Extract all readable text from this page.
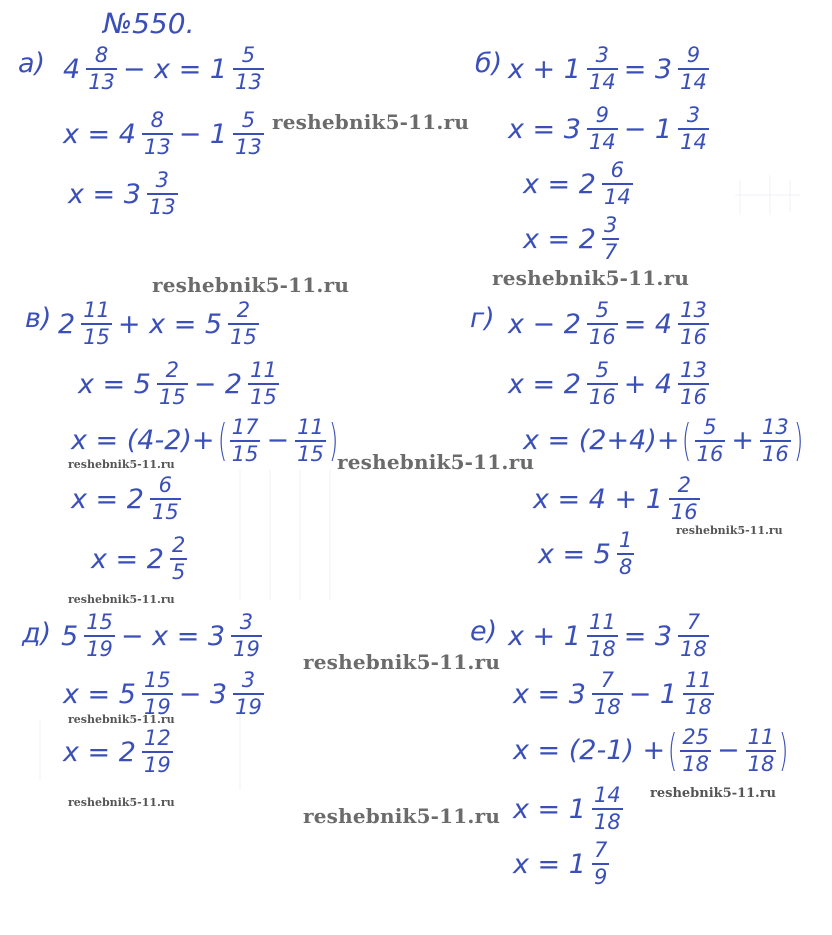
№550.
а) $4 \frac{8}{13} - x = 1 \frac{5}{13}$
$x = 4 \frac{8}{13} - 1 \frac{5}{13}$
$x = 3 \frac{3}{13}$
б) $x + 1 \frac{3}{14} = 3 \frac{9}{14}$
$x = 3 \frac{9}{14} - 1 \frac{3}{14}$
$x = 2 \frac{6}{14}$
$x = 2 \frac{3}{7}$
в) $2 \frac{11}{15} + x = 5 \frac{2}{15}$
$x = 5 \frac{2}{15} - 2 \frac{11}{15}$
x = (4-2)+ ( $\frac{17}{15} - \frac{11}{15}$ )
$x = 2 \frac{6}{15}$
$x = 2 \frac{2}{5}$
г) $x - 2 \frac{5}{16} = 4 \frac{13}{16}$
$x = 2 \frac{5}{16} + 4 \frac{13}{16}$
x = (2+4)+ ( $\frac{5}{16} + \frac{13}{16}$ )
$x = 4 + 1 \frac{2}{16}$
$x = 5 \frac{1}{8}$
д) $5 \frac{15}{19} - x = 3 \frac{3}{19}$
$x = 5 \frac{15}{19} - 3 \frac{3}{19}$
$x = 2 \frac{12}{19}$
е) $x + 1 \frac{11}{18} = 3 \frac{7}{18}$
$x = 3 \frac{7}{18} - 1 \frac{11}{18}$
x = (2-1) + ( $\frac{25}{18} - \frac{11}{18}$ )
$x = 1 \frac{14}{18}$
$x = 1 \frac{7}{9}$
reshebnik5-11.ru
reshebnik5-11.ru	reshebnik5-11.ru
reshebnik5-11.ru
reshebnik5-11.ru
reshebnik5-11.ru
reshebnik5-11.ru
reshebnik5-11.ru
reshebnik5-11.ru
reshebnik5-11.ru
reshebnik5-11.ru
reshebnik5-11.ru
